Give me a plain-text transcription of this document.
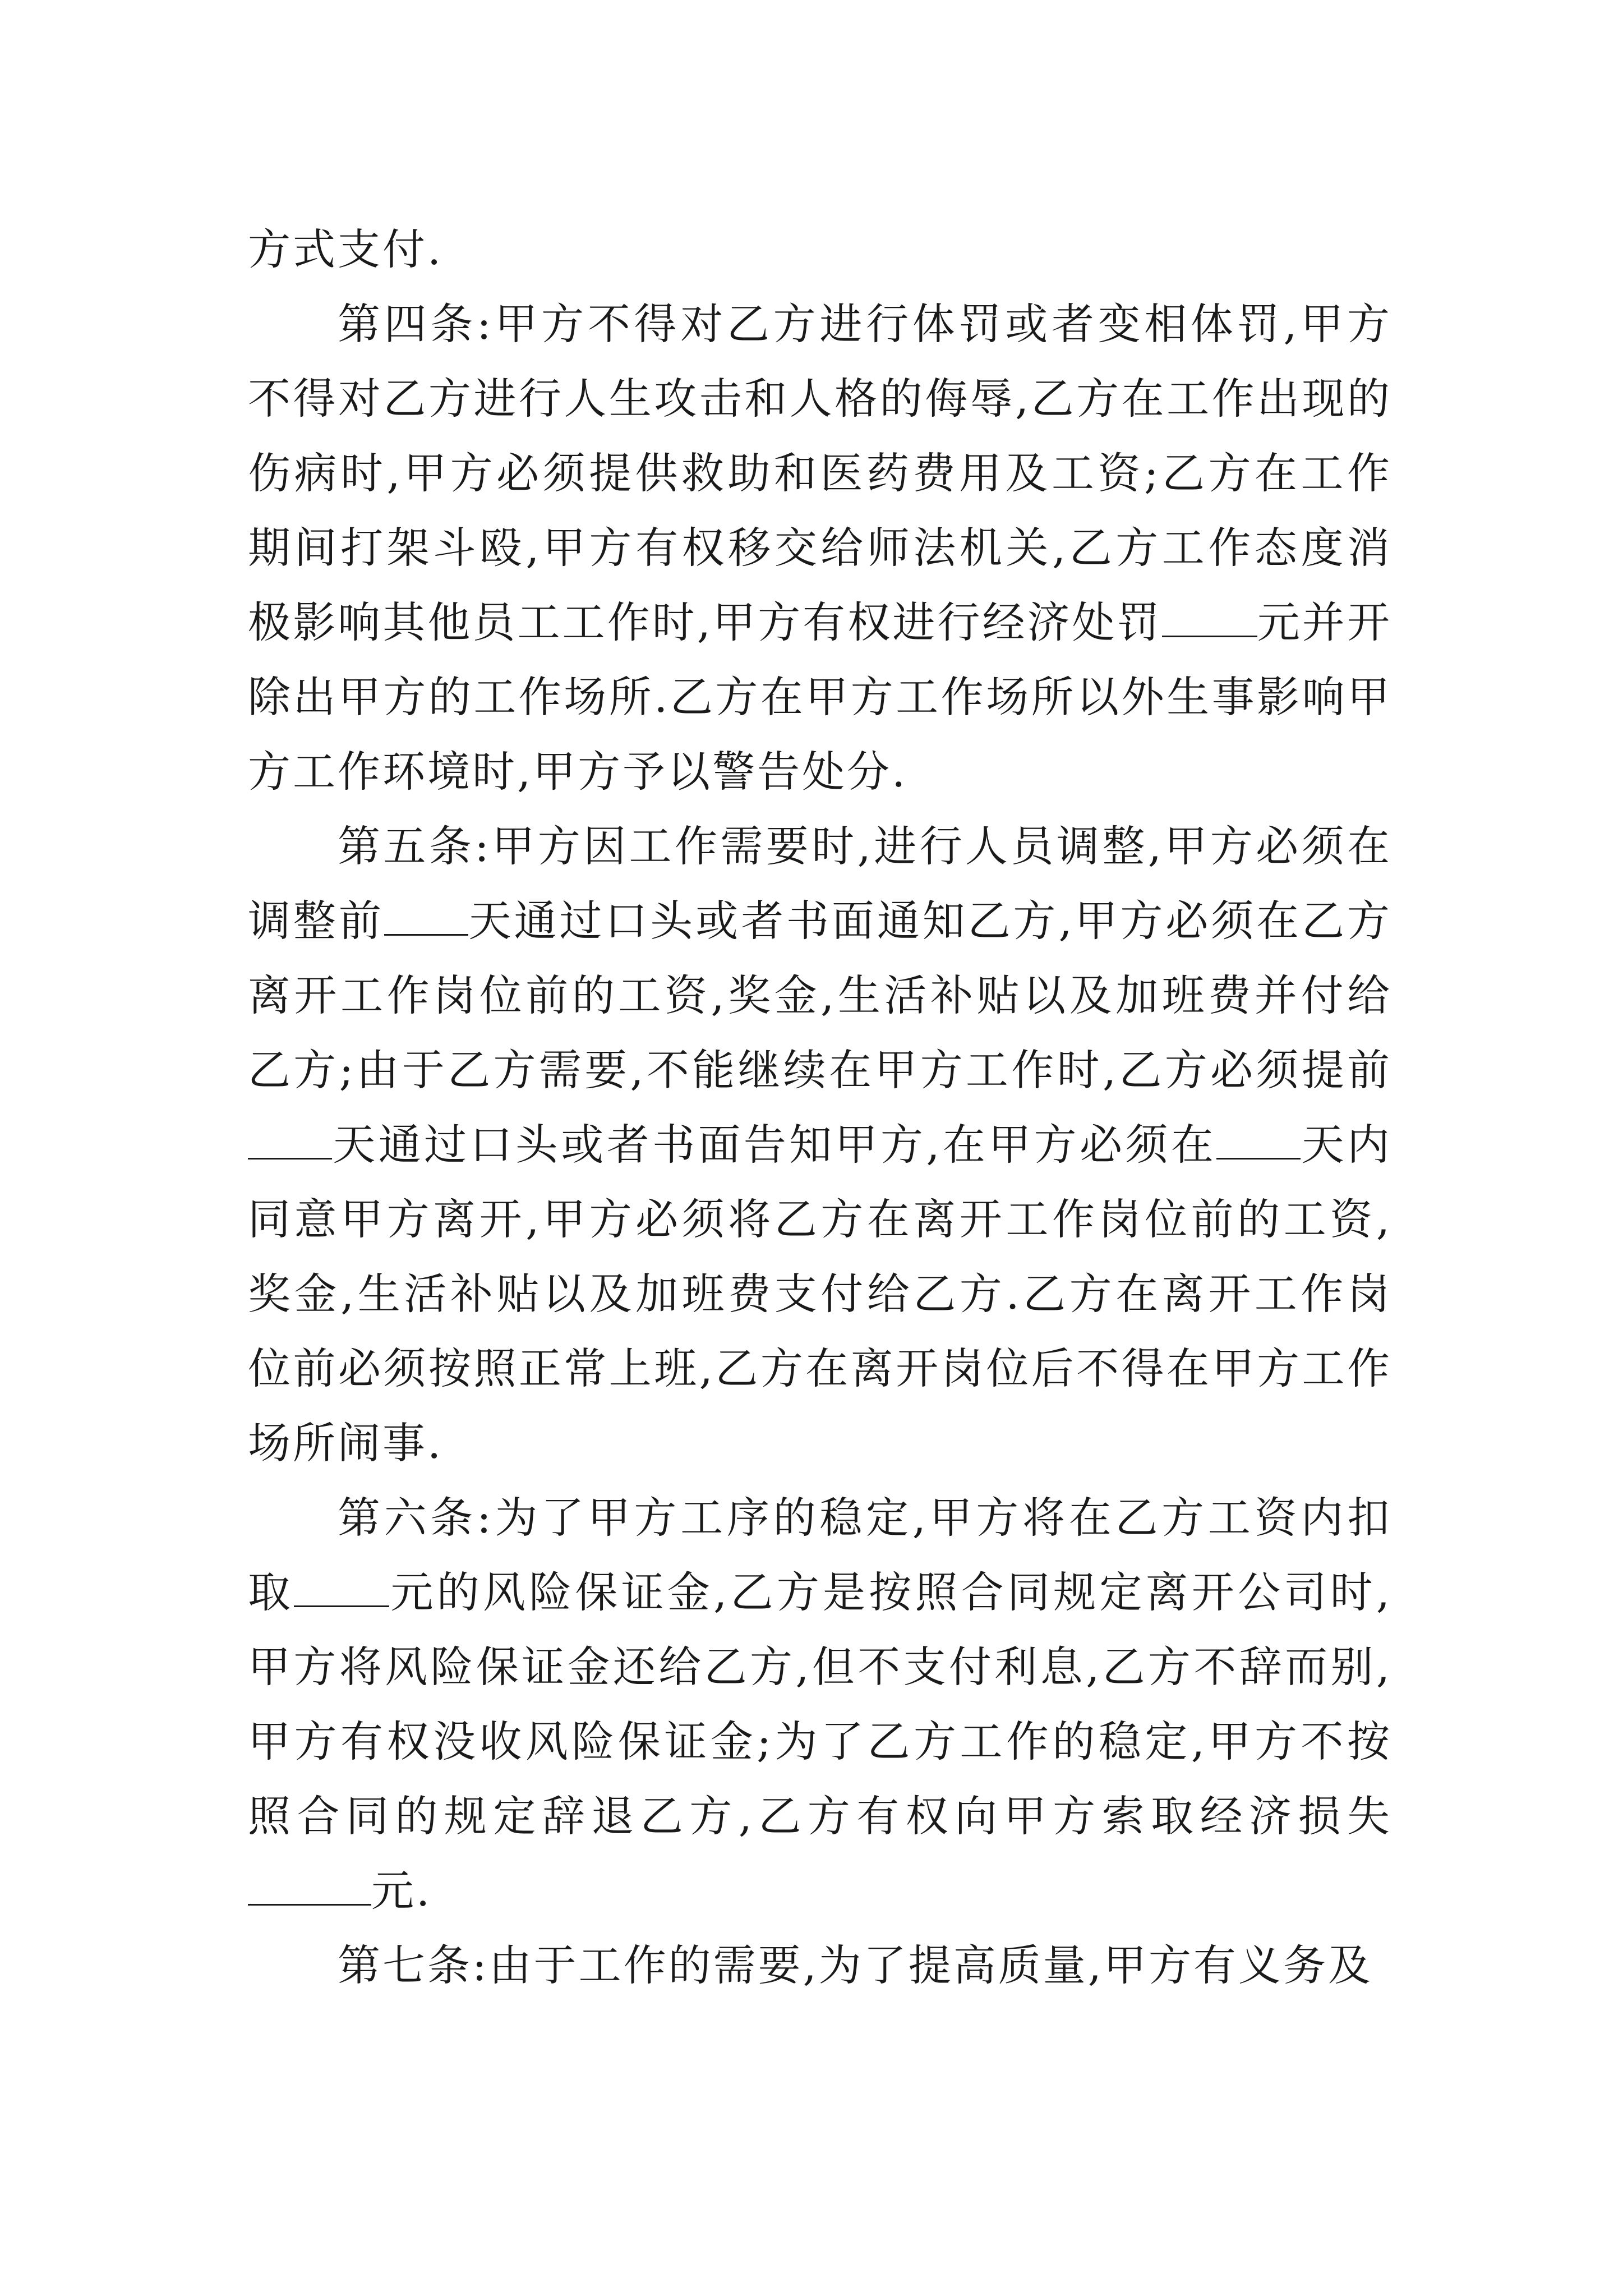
方式支付.

第四条:甲方不得对乙方进行体罚或者变相体罚,甲方不得对乙方进行人生攻击和人格的侮辱,乙方在工作出现的伤病时,甲方必须提供救助和医药费用及工资;乙方在工作期间打架斗殴,甲方有权移交给师法机关,乙方工作态度消极影响其他员工工作时,甲方有权进行经济处罚 元并开除出甲方的工作场所.乙方在甲方工作场所以外生事影响甲方工作环境时,甲方予以警告处分.

第五条:甲方因工作需要时,进行人员调整,甲方必须在调整前 天通过口头或者书面通知乙方,甲方必须在乙方离开工作岗位前的工资,奖金,生活补贴以及加班费并付给乙方;由于乙方需要,不能继续在甲方工作时,乙方必须提前天通过口头或者书面告知甲方,在甲方必须在 天内同意甲方离开,甲方必须将乙方在离开工作岗位前的工资,奖金,生活补贴以及加班费支付给乙方.乙方在离开工作岗位前必须按照正常上班,乙方在离开岗位后不得在甲方工作场所闹事.

第六条:为了甲方工序的稳定,甲方将在乙方工资内扣取 元的风险保证金,乙方是按照合同规定离开公司时,甲方将风险保证金还给乙方,但不支付利息,乙方不辞而别,甲方有权没收风险保证金;为了乙方工作的稳定,甲方不按照合同的规定辞退乙方,乙方有权向甲方索取经济损失元.

第七条:由于工作的需要,为了提高质量,甲方有义务及
